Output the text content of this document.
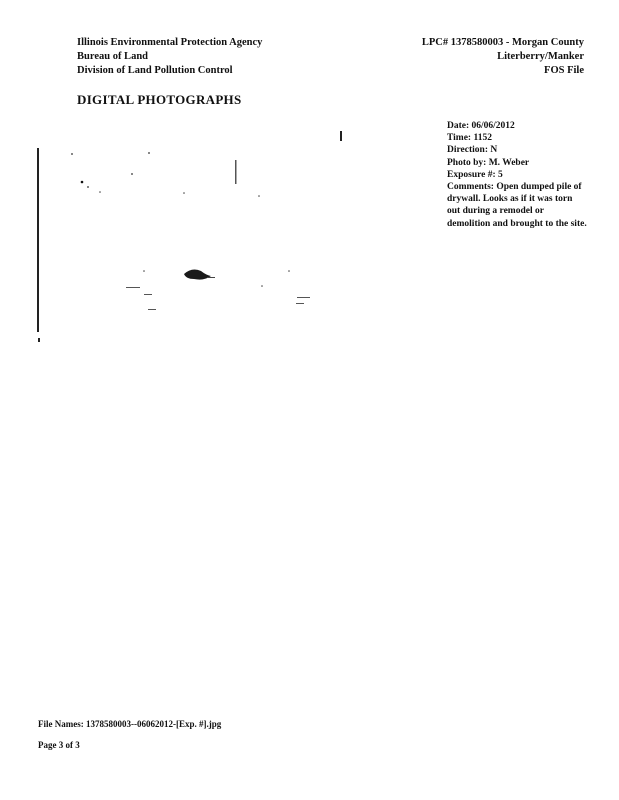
Illinois Environmental Protection Agency
Bureau of Land
Division of Land Pollution Control
LPC# 1378580003 - Morgan County
Literberry/Manker
FOS File
DIGITAL PHOTOGRAPHS
Date: 06/06/2012
Time: 1152
Direction: N
Photo by: M. Weber
Exposure #: 5
Comments: Open dumped pile of drywall. Looks as if it was torn out during a remodel or demolition and brought to the site.
File Names: 1378580003--06062012-[Exp. #].jpg
Page 3 of 3
